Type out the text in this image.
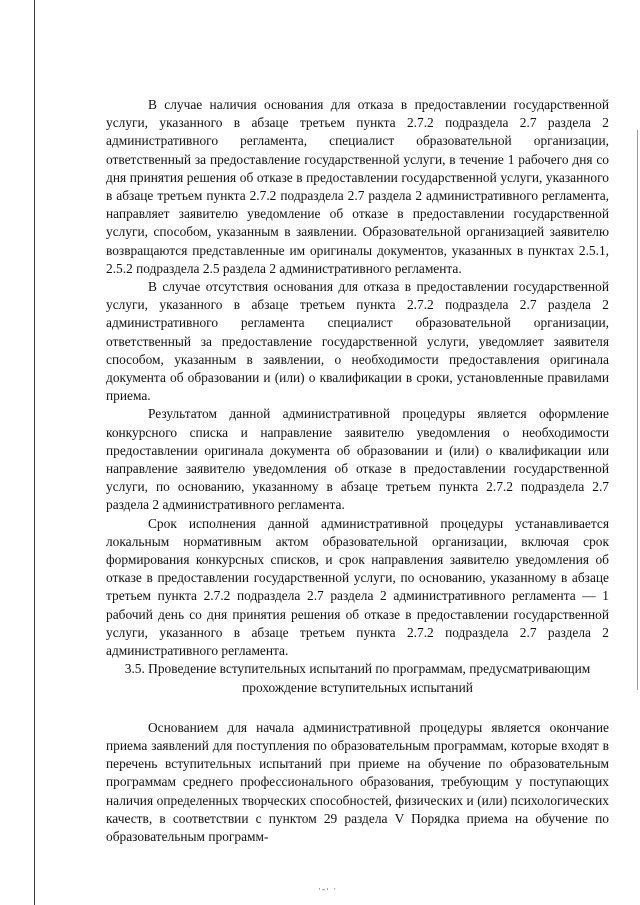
В случае наличия основания для отказа в предоставлении государственной услуги, указанного в абзаце третьем пункта 2.7.2 подраздела 2.7 раздела 2 административного регламента, специалист образовательной организации, ответственный за предоставление государственной услуги, в течение 1 рабочего дня со дня принятия решения об отказе в предоставлении государственной услуги, указанного в абзаце третьем пункта 2.7.2 подраздела 2.7 раздела 2 административного регламента, направляет заявителю уведомление об отказе в предоставлении государственной услуги, способом, указанным в заявлении. Образовательной организацией заявителю возвращаются представленные им оригиналы документов, указанных в пунктах 2.5.1, 2.5.2 подраздела 2.5 раздела 2 административного регламента.

В случае отсутствия основания для отказа в предоставлении государственной услуги, указанного в абзаце третьем пункта 2.7.2 подраздела 2.7 раздела 2 административного регламента специалист образовательной организации, ответственный за предоставление государственной услуги, уведомляет заявителя способом, указанным в заявлении, о необходимости предоставления оригинала документа об образовании и (или) о квалификации в сроки, установленные правилами приема.

Результатом данной административной процедуры является оформление конкурсного списка и направление заявителю уведомления о необходимости предоставлении оригинала документа об образовании и (или) о квалификации или направление заявителю уведомления об отказе в предоставлении государственной услуги, по основанию, указанному в абзаце третьем пункта 2.7.2 подраздела 2.7 раздела 2 административного регламента.

Срок исполнения данной административной процедуры устанавливается локальным нормативным актом образовательной организации, включая срок формирования конкурсных списков, и срок направления заявителю уведомления об отказе в предоставлении государственной услуги, по основанию, указанному в абзаце третьем пункта 2.7.2 подраздела 2.7 раздела 2 административного регламента — 1 рабочий день со дня принятия решения об отказе в предоставлении государственной услуги, указанного в абзаце третьем пункта 2.7.2 подраздела 2.7 раздела 2 административного регламента.

3.5. Проведение вступительных испытаний по программам, предусматривающим прохождение вступительных испытаний

Основанием для начала административной процедуры является окончание приема заявлений для поступления по образовательным программам, которые входят в перечень вступительных испытаний при приеме на обучение по образовательным программам среднего профессионального образования, требующим у поступающих наличия определенных творческих способностей, физических и (или) психологических качеств, в соответствии с пунктом 29 раздела V Порядка приема на обучение по образовательным программ-

·-· ·
